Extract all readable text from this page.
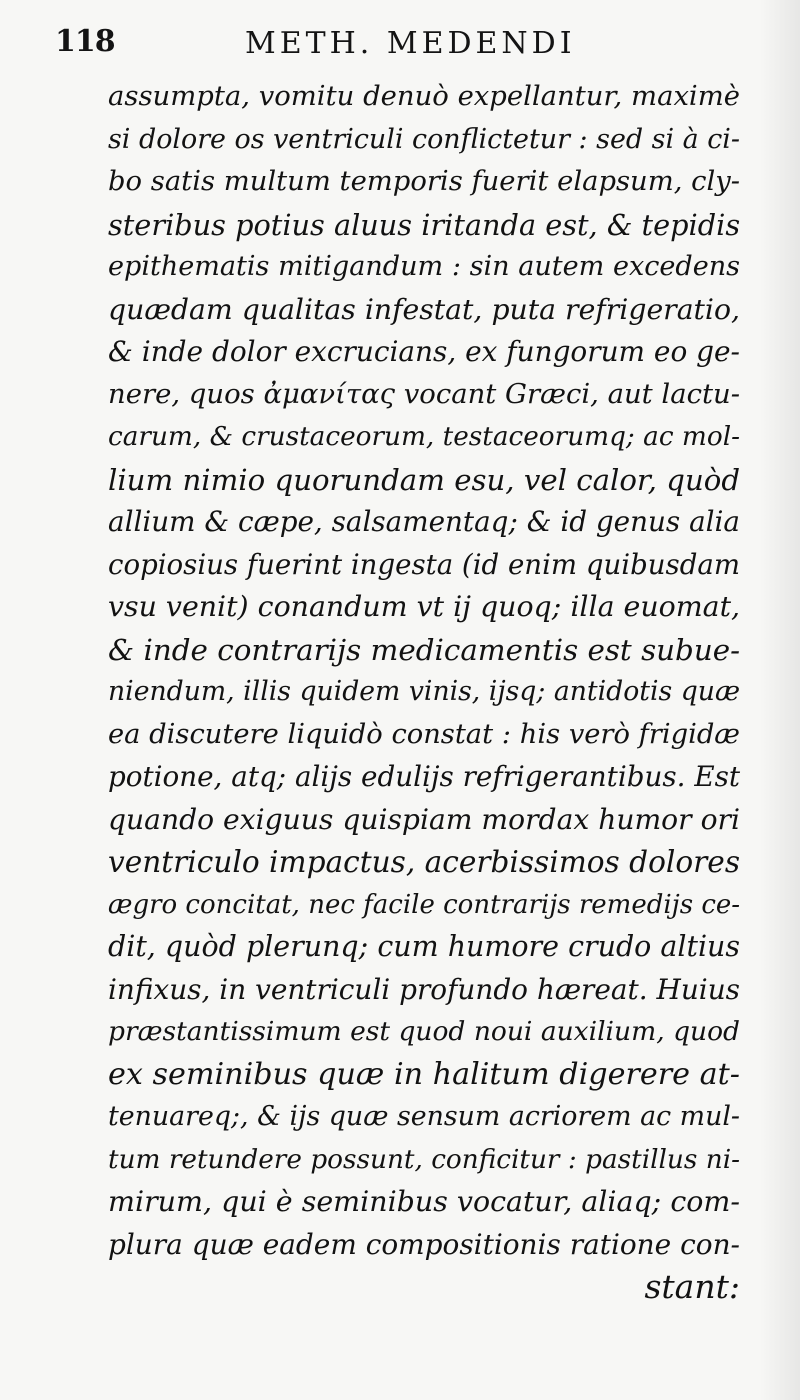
118	METH. MEDENDI
assumpta, vomitu denuò expellantur, maximè
si dolore os ventriculi conflictetur : sed si à ci-
bo satis multum temporis fuerit elapsum, cly-
steribus potius aluus iritanda est, & tepidis
epithematis mitigandum : sin autem excedens
quædam qualitas infestat, puta refrigeratio,
& inde dolor excrucians, ex fungorum eo ge-
nere, quos ἀμανίτας vocant Græci, aut lactu-
carum, & crustaceorum, testaceorumq; ac mol-
lium nimio quorundam esu, vel calor, quòd
allium & cæpe, salsamentaq; & id genus alia
copiosius fuerint ingesta (id enim quibusdam
vsu venit) conandum vt ij quoq; illa euomat,
& inde contrarijs medicamentis est subue-
niendum, illis quidem vinis, ijsq; antidotis quæ
ea discutere liquidò constat : his verò frigidæ
potione, atq; alijs edulijs refrigerantibus. Est
quando exiguus quispiam mordax humor ori
ventriculo impactus, acerbissimos dolores
ægro concitat, nec facile contrarijs remedijs ce-
dit, quòd plerunq; cum humore crudo altius
infixus, in ventriculi profundo hæreat. Huius
præstantissimum est quod noui auxilium, quod
ex seminibus quæ in halitum digerere at-
tenuareq;, & ijs quæ sensum acriorem ac mul-
tum retundere possunt, conficitur : pastillus ni-
mirum, qui è seminibus vocatur, aliaq; com-
plura quæ eadem compositionis ratione con-
stant:
